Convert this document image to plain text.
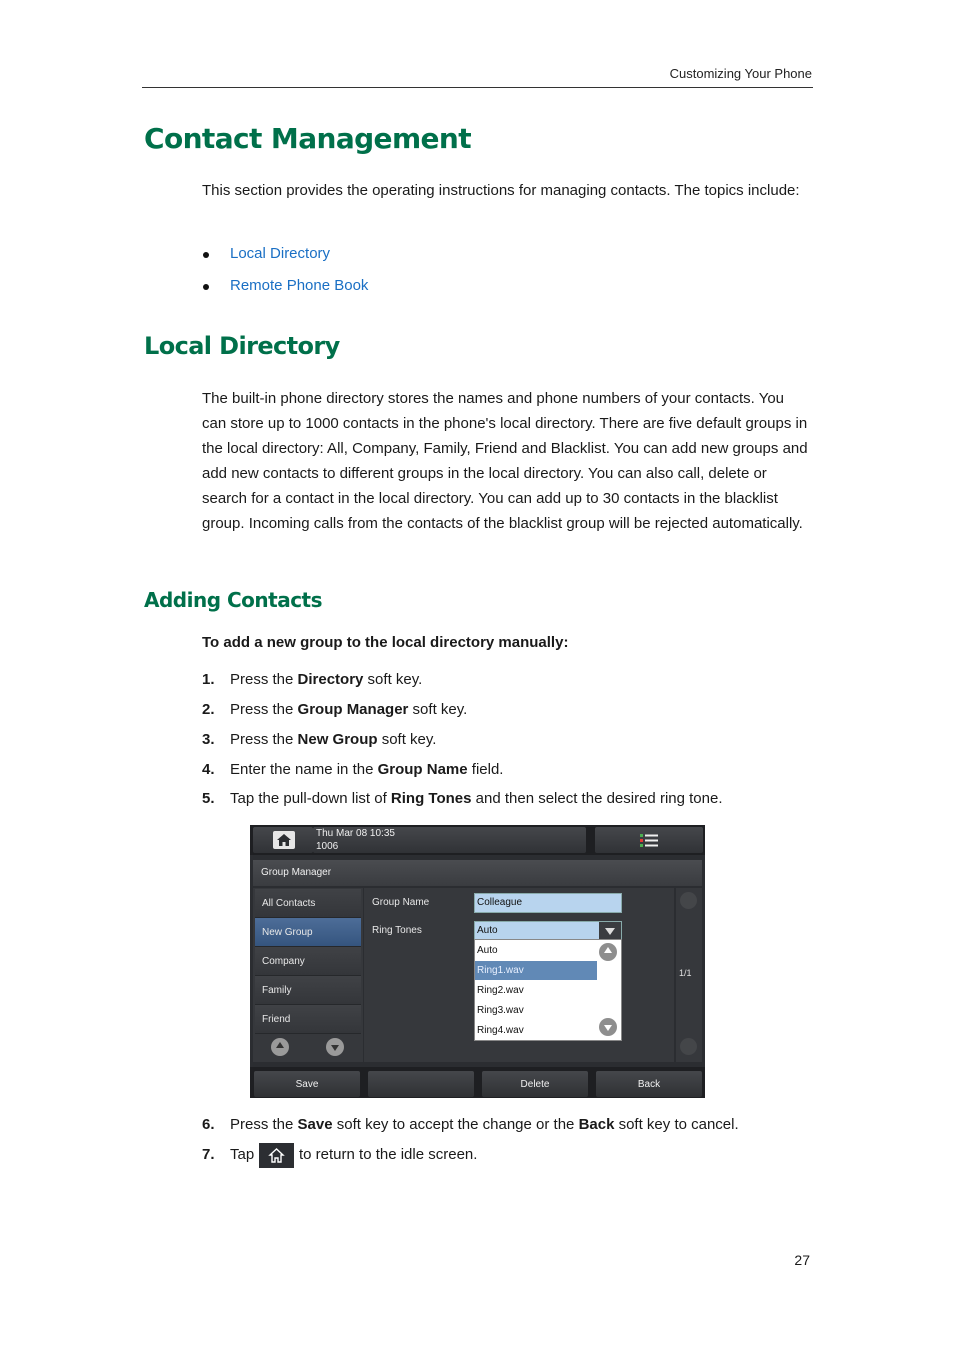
Customizing Your Phone
Contact Management
This section provides the operating instructions for managing contacts. The topics include:
Local Directory
Remote Phone Book
Local Directory
The built-in phone directory stores the names and phone numbers of your contacts. You can store up to 1000 contacts in the phone's local directory. There are five default groups in the local directory: All, Company, Family, Friend and Blacklist. You can add new groups and add new contacts to different groups in the local directory. You can also call, delete or search for a contact in the local directory. You can add up to 30 contacts in the blacklist group. Incoming calls from the contacts of the blacklist group will be rejected automatically.
Adding Contacts
To add a new group to the local directory manually:
1. Press the Directory soft key.
2. Press the Group Manager soft key.
3. Press the New Group soft key.
4. Enter the name in the Group Name field.
5. Tap the pull-down list of Ring Tones and then select the desired ring tone.
Thu Mar 08 10:35
1006
Group Manager
All Contacts
New Group
Company
Family
Friend
Group Name	Colleague
Ring Tones	Auto
Auto
Ring1.wav
Ring2.wav
Ring3.wav
Ring4.wav
1/1
Save	Delete	Back
6. Press the Save soft key to accept the change or the Back soft key to cancel.
7. Tap	to return to the idle screen.
27
